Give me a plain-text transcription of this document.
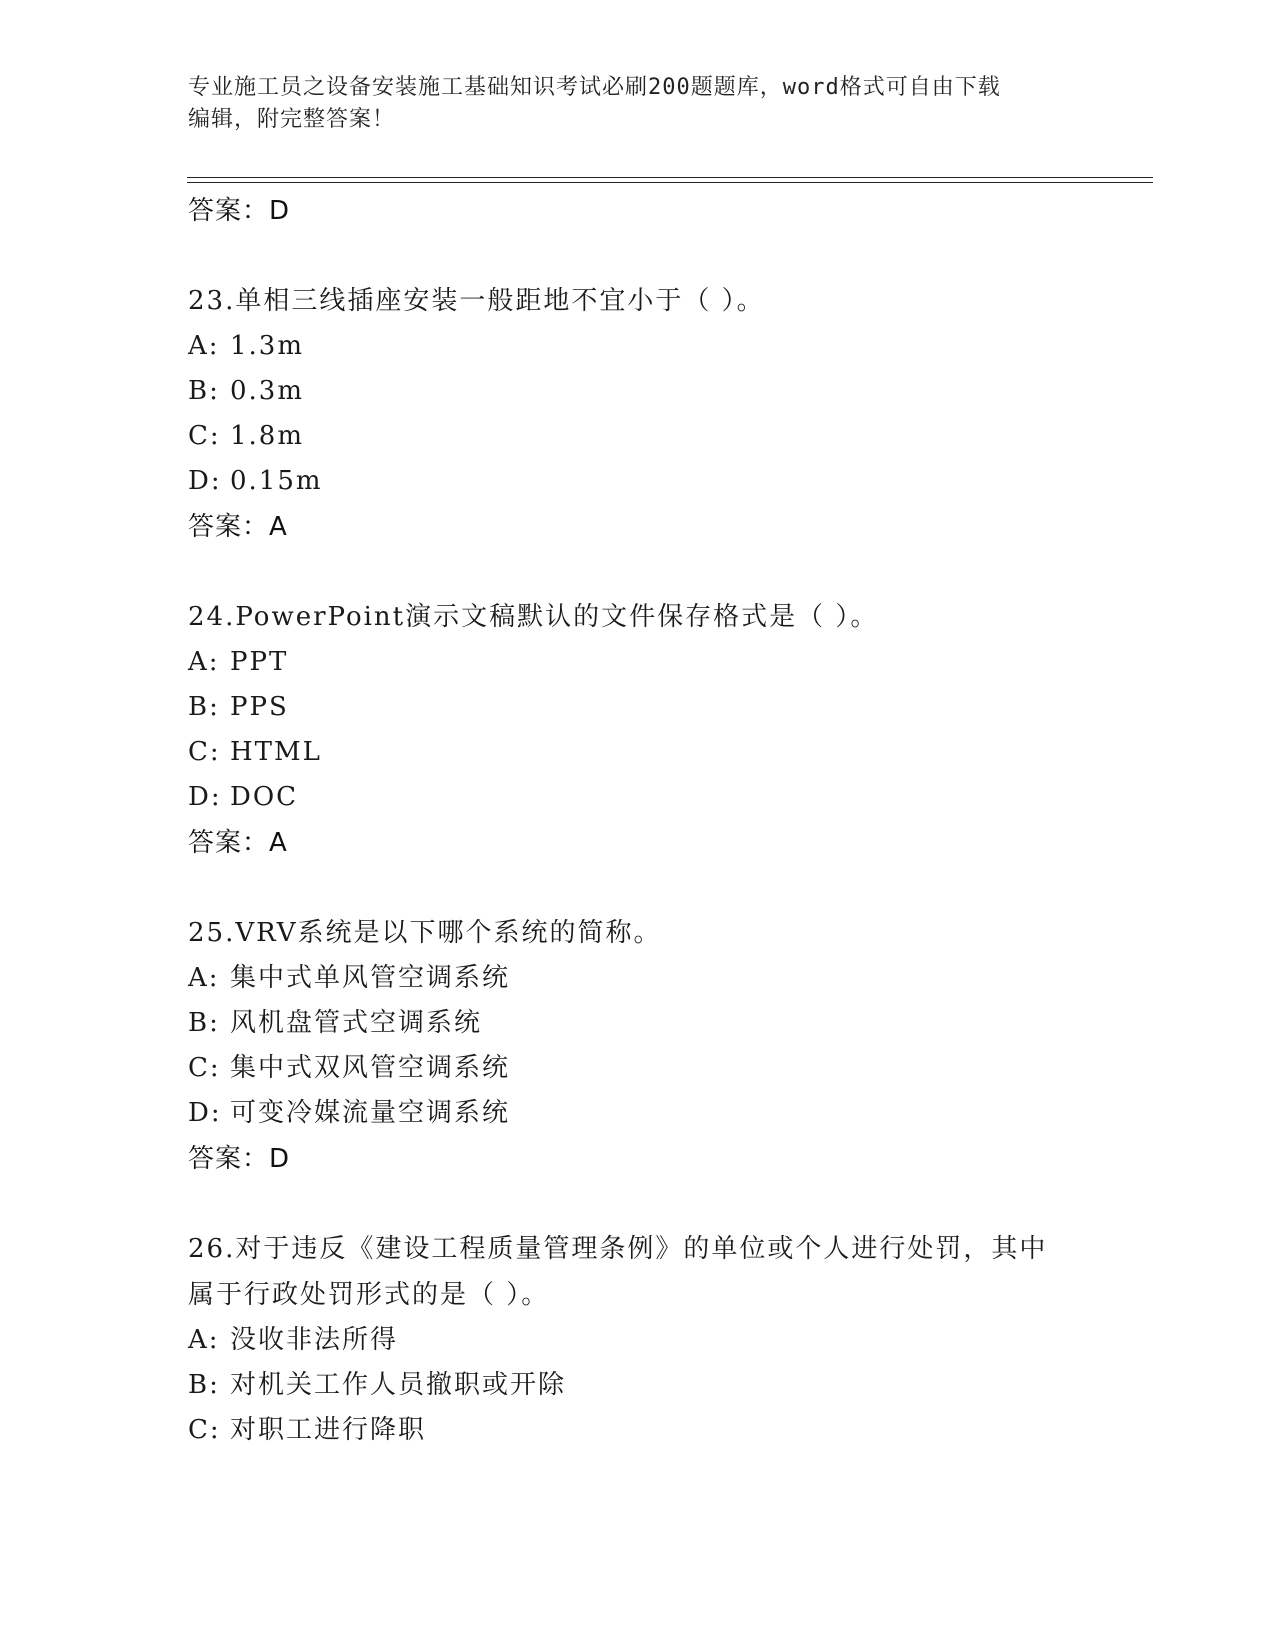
专业施工员之设备安装施工基础知识考试必刷200题题库，word格式可自由下载
编辑，附完整答案！
答案：D
23.单相三线插座安装一般距地不宜小于（ ）。
A: 1.3m
B: 0.3m
C: 1.8m
D: 0.15m
答案：A
24.PowerPoint演示文稿默认的文件保存格式是（ ）。
A: PPT
B: PPS
C: HTML
D: DOC
答案：A
25.VRV系统是以下哪个系统的简称。
A: 集中式单风管空调系统
B: 风机盘管式空调系统
C: 集中式双风管空调系统
D: 可变冷媒流量空调系统
答案：D
26.对于违反《建设工程质量管理条例》的单位或个人进行处罚，其中
属于行政处罚形式的是（ ）。
A: 没收非法所得
B: 对机关工作人员撤职或开除
C: 对职工进行降职
